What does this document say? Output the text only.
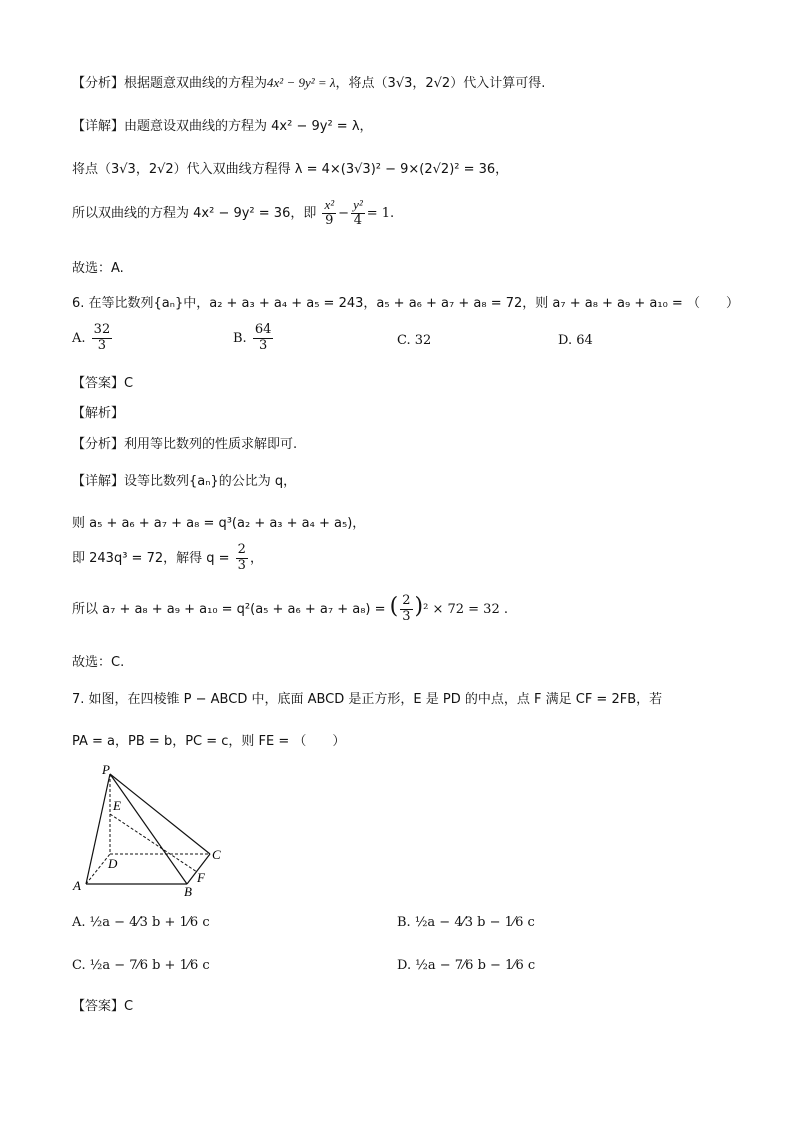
【分析】根据题意双曲线的方程为4x² − 9y² = λ，将点（3√3，2√2）代入计算可得.
【详解】由题意设双曲线的方程为 4x² − 9y² = λ，
将点（3√3，2√2）代入双曲线方程得 λ = 4×(3√3)² − 9×(2√2)² = 36，
所以双曲线的方程为 4x² − 9y² = 36，即 $\frac{\text{x²}}{9} - \frac{\text{y²}}{4} = 1$.
故选：A.
6. 在等比数列{aₙ}中，a₂ + a₃ + a₄ + a₅ = 243，a₅ + a₆ + a₇ + a₈ = 72，则 a₇ + a₈ + a₉ + a₁₀ = （　　）
A. $\frac{32}{3}$	B. $\frac{64}{3}$	C. 32	D. 64
【答案】C
【解析】
【分析】利用等比数列的性质求解即可.
【详解】设等比数列{aₙ}的公比为 q，
则 a₅ + a₆ + a₇ + a₈ = q³(a₂ + a₃ + a₄ + a₅)，
即 243q³ = 72，解得 $q = \frac{2}{3}$ ，
所以 a₇ + a₈ + a₉ + a₁₀ = q²(a₅ + a₆ + a₇ + a₈) = ( $\frac{2}{3} )^2 \times 72 = 32$ .
故选：C.
7. 如图，在四棱锥 P − ABCD 中，底面 ABCD 是正方形，E 是 PD 的中点，点 F 满足 CF = 2FB，若
PA = a，PB = b，PC = c，则 FE = （　　）
P
E
D
C
A	B
F
A. ½a − 4⁄3 b + 1⁄6 c	B. ½a − 4⁄3 b − 1⁄6 c
C. ½a − 7⁄6 b + 1⁄6 c	D. ½a − 7⁄6 b − 1⁄6 c
【答案】C
